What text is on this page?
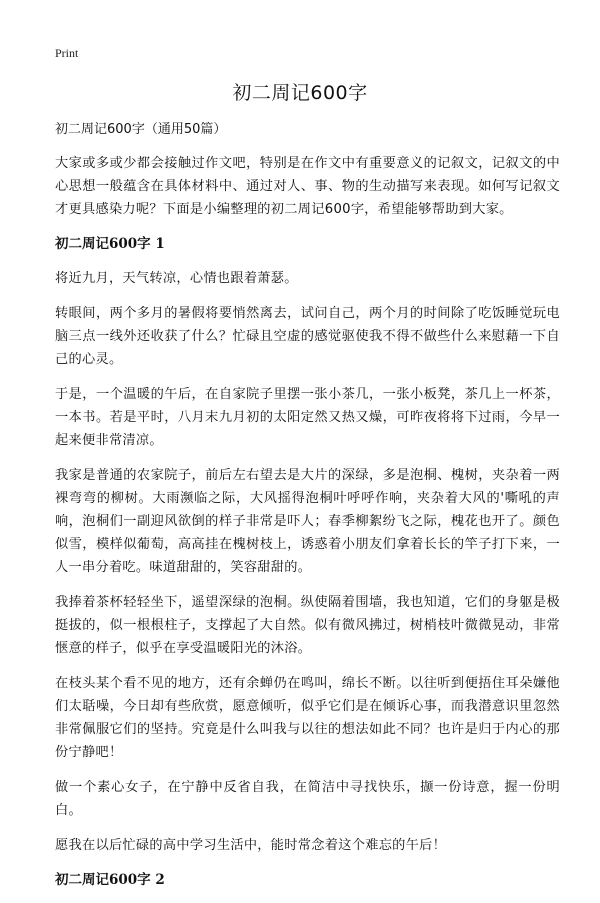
Print
初二周记600字

初二周记600字（通用50篇）

大家或多或少都会接触过作文吧，特别是在作文中有重要意义的记叙文，记叙文的中心思想一般蕴含在具体材料中、通过对人、事、物的生动描写来表现。如何写记叙文才更具感染力呢？下面是小编整理的初二周记600字，希望能够帮助到大家。

初二周记600字 1

将近九月，天气转凉，心情也跟着萧瑟。

转眼间，两个多月的暑假将要悄然离去，试问自己，两个月的时间除了吃饭睡觉玩电脑三点一线外还收获了什么？忙碌且空虚的感觉驱使我不得不做些什么来慰藉一下自己的心灵。

于是，一个温暖的午后，在自家院子里摆一张小茶几，一张小板凳，茶几上一杯茶，一本书。若是平时，八月末九月初的太阳定然又热又燥，可昨夜将将下过雨，今早一起来便非常清凉。

我家是普通的农家院子，前后左右望去是大片的深绿，多是泡桐、槐树，夹杂着一两裸弯弯的柳树。大雨濒临之际，大风摇得泡桐叶呼呼作响，夹杂着大风的'嘶吼的声响，泡桐们一副迎风欲倒的样子非常是吓人；春季柳絮纷飞之际，槐花也开了。颜色似雪，模样似葡萄，高高挂在槐树枝上，诱惑着小朋友们拿着长长的竿子打下来，一人一串分着吃。味道甜甜的，笑容甜甜的。

我捧着茶杯轻轻坐下，遥望深绿的泡桐。纵使隔着围墙，我也知道，它们的身躯是极挺拔的，似一根根柱子，支撑起了大自然。似有微风拂过，树梢枝叶微微晃动，非常惬意的样子，似乎在享受温暖阳光的沐浴。

在枝头某个看不见的地方，还有余蝉仍在鸣叫，绵长不断。以往听到便捂住耳朵嫌他们太聒噪，今日却有些欣赏，愿意倾听，似乎它们是在倾诉心事，而我潜意识里忽然非常佩服它们的坚持。究竟是什么叫我与以往的想法如此不同？也许是归于内心的那份宁静吧！

做一个素心女子，在宁静中反省自我，在简洁中寻找快乐，撷一份诗意，握一份明白。

愿我在以后忙碌的高中学习生活中，能时常念着这个难忘的午后！

初二周记600字 2
